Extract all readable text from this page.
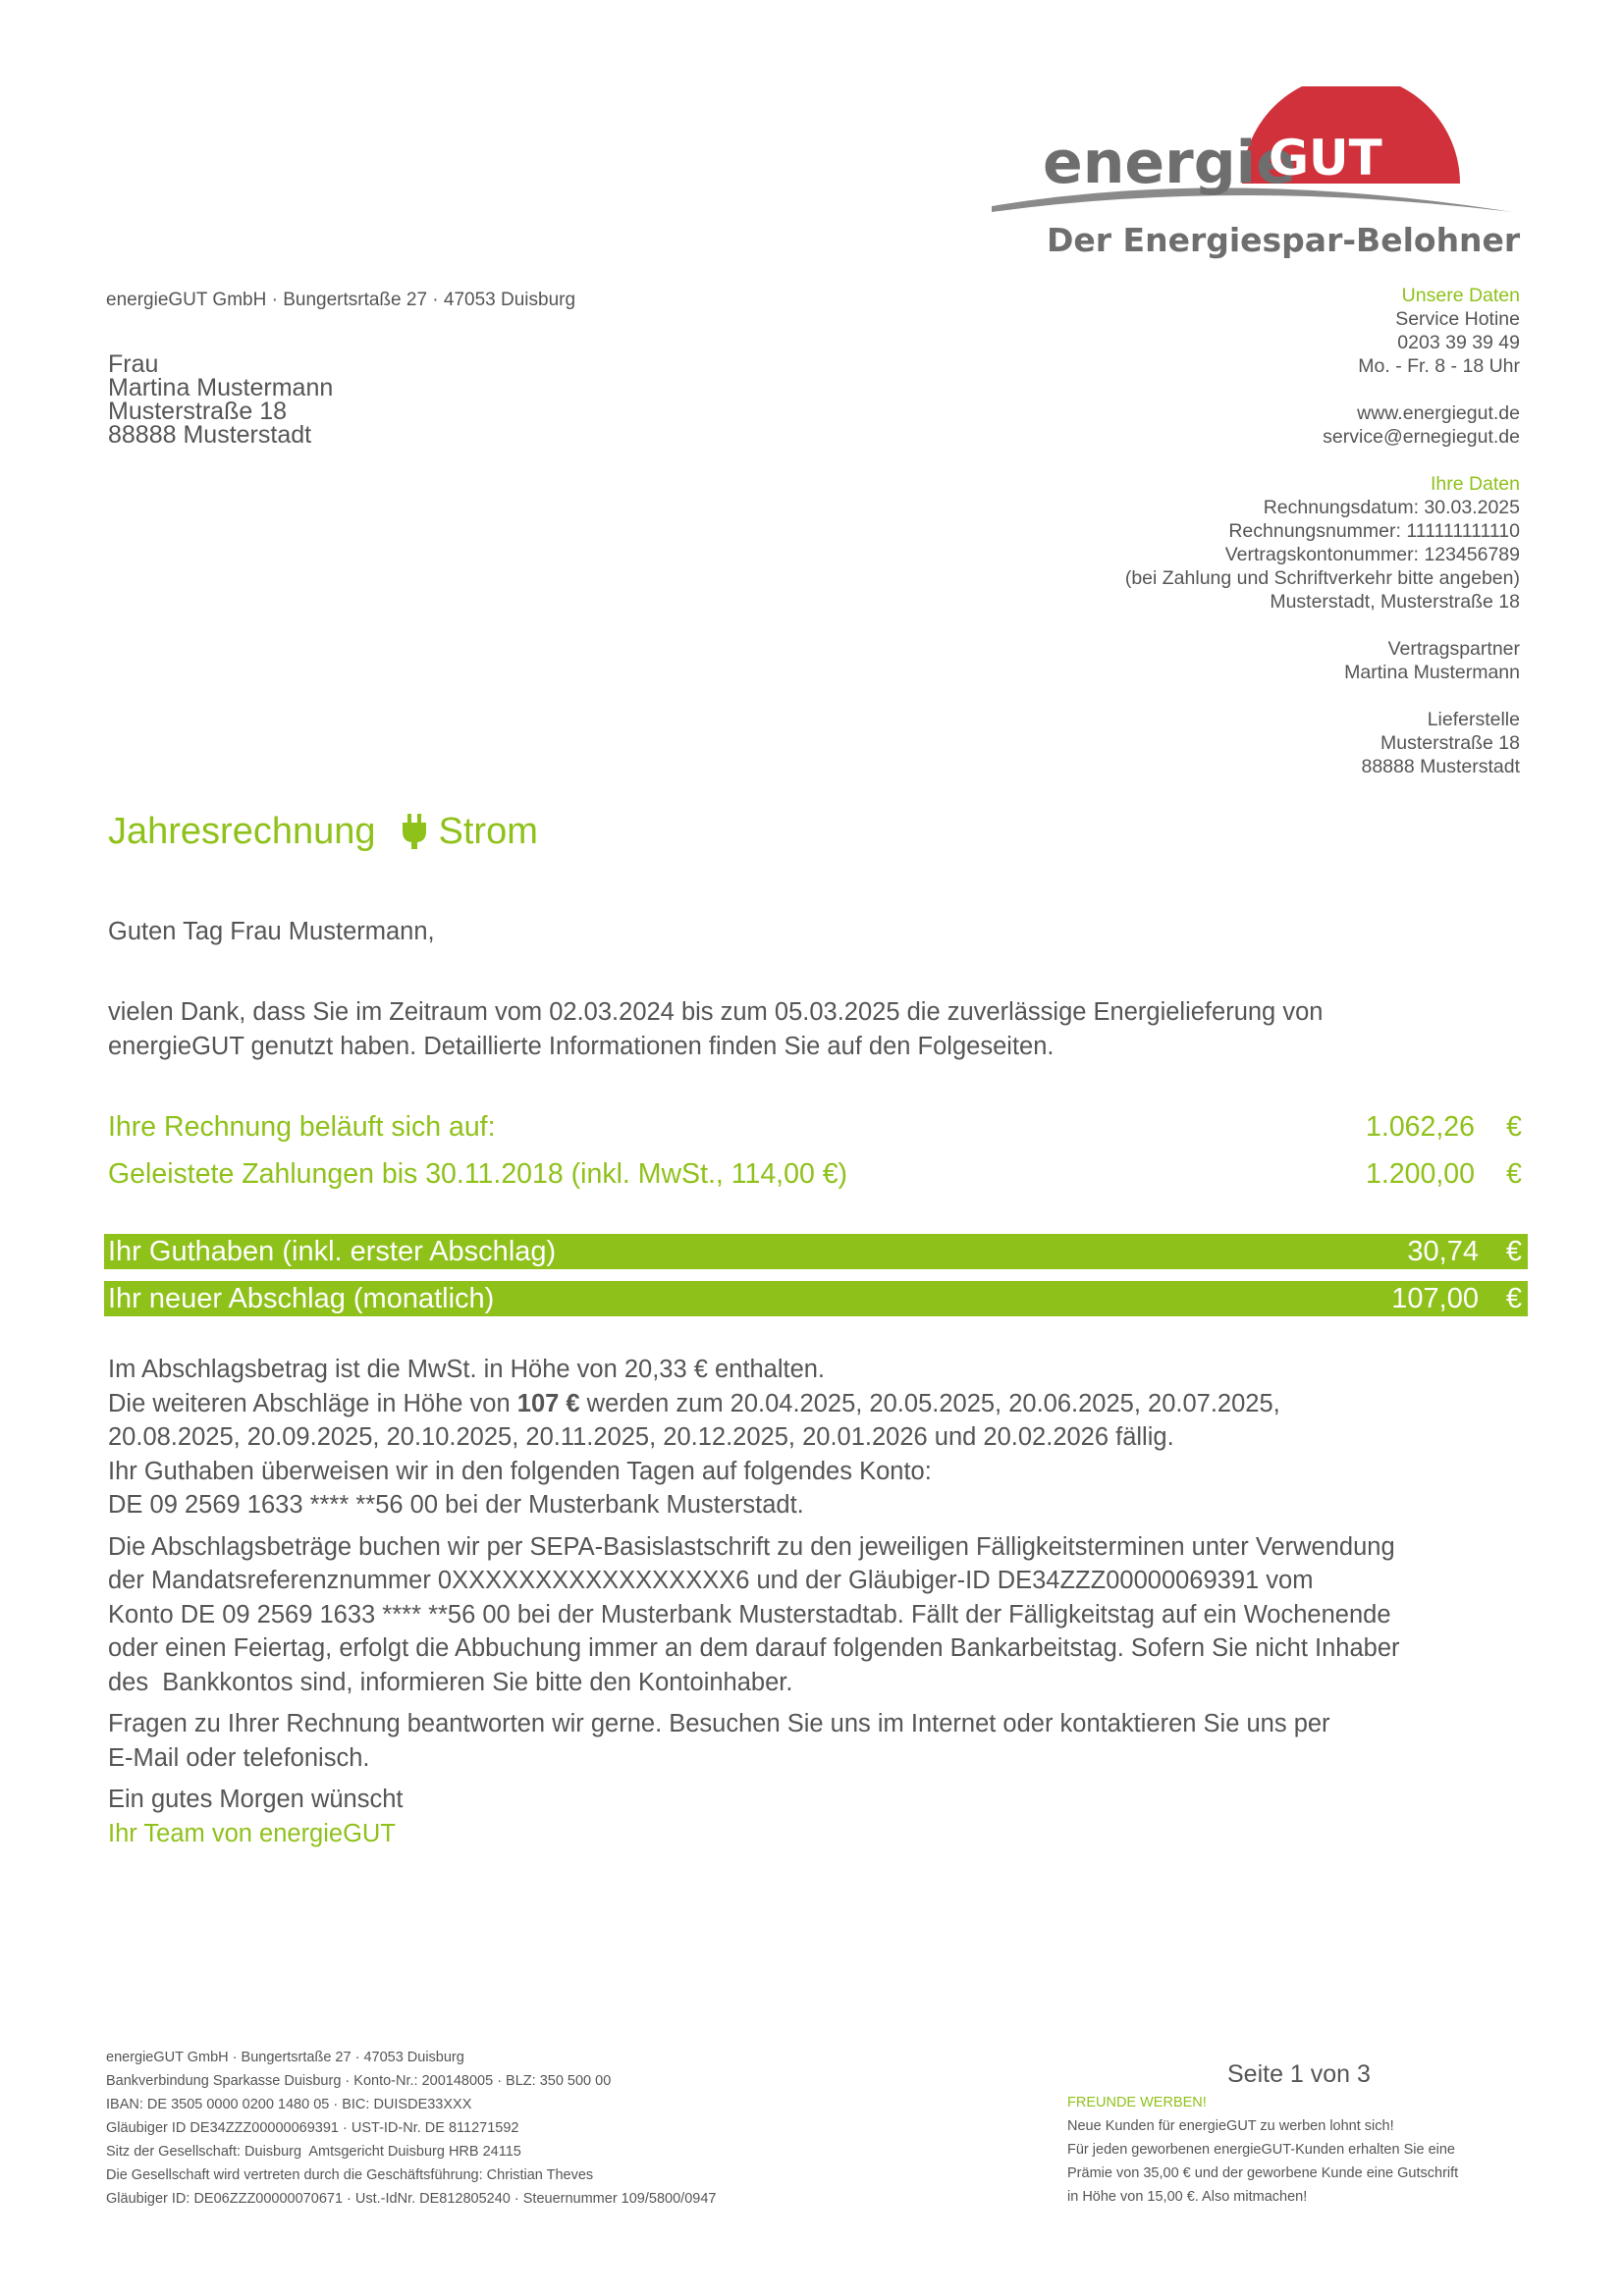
energie
GUT
Der Energiespar-Belohner
energieGUT GmbH · Bungertsrtaße 27 · 47053 Duisburg
Frau
Martina Mustermann
Musterstraße 18
88888 Musterstadt
Unsere Daten
Service Hotine
0203 39 39 49
Mo. - Fr. 8 - 18 Uhr
www.energiegut.de
service@ernegiegut.de
Ihre Daten
Rechnungsdatum: 30.03.2025
Rechnungsnummer: 111111111110
Vertragskontonummer: 123456789
(bei Zahlung und Schriftverkehr bitte angeben)
Musterstadt, Musterstraße 18
Vertragspartner
Martina Mustermann
Lieferstelle
Musterstraße 18
88888 Musterstadt
Jahresrechnung Strom
Guten Tag Frau Mustermann,
vielen Dank, dass Sie im Zeitraum vom 02.03.2024 bis zum 05.03.2025 die zuverlässige Energielieferung von
energieGUT genutzt haben. Detaillierte Informationen finden Sie auf den Folgeseiten.
Ihre Rechnung beläuft sich auf:	1.062,26	€
Geleistete Zahlungen bis 30.11.2018 (inkl. MwSt., 114,00 €)	1.200,00	€
Ihr Guthaben (inkl. erster Abschlag)	30,74 €
Ihr neuer Abschlag (monatlich)	107,00 €
Im Abschlagsbetrag ist die MwSt. in Höhe von 20,33 € enthalten.
Die weiteren Abschläge in Höhe von 107 € werden zum 20.04.2025, 20.05.2025, 20.06.2025, 20.07.2025,
20.08.2025, 20.09.2025, 20.10.2025, 20.11.2025, 20.12.2025, 20.01.2026 und 20.02.2026 fällig.
Ihr Guthaben überweisen wir in den folgenden Tagen auf folgendes Konto:

DE 09 2569 1633 **** **56 00 bei der Musterbank Musterstadt.

Die Abschlagsbeträge buchen wir per SEPA-Basislastschrift zu den jeweiligen Fälligkeitsterminen unter Verwendung
der Mandatsreferenznummer 0XXXXXXXXXXXXXXXXX6 und der Gläubiger-ID DE34ZZZ00000069391 vom
Konto DE 09 2569 1633 **** **56 00 bei der Musterbank Musterstadtab. Fällt der Fälligkeitstag auf ein Wochenende
oder einen Feiertag, erfolgt die Abbuchung immer an dem darauf folgenden Bankarbeitstag. Sofern Sie nicht Inhaber

des  Bankkontos sind, informieren Sie bitte den Kontoinhaber.

Fragen zu Ihrer Rechnung beantworten wir gerne. Besuchen Sie uns im Internet oder kontaktieren Sie uns per

E-Mail oder telefonisch.

Ein gutes Morgen wünscht
Ihr Team von energieGUT
energieGUT GmbH · Bungertsrtaße 27 · 47053 Duisburg
Bankverbindung Sparkasse Duisburg · Konto-Nr.: 200148005 · BLZ: 350 500 00
IBAN: DE 3505 0000 0200 1480 05 · BIC: DUISDE33XXX
Gläubiger ID DE34ZZZ00000069391 · UST-ID-Nr. DE 811271592
Sitz der Gesellschaft: Duisburg  Amtsgericht Duisburg HRB 24115
Die Gesellschaft wird vertreten durch die Geschäftsführung: Christian Theves
Gläubiger ID: DE06ZZZ00000070671 · Ust.-IdNr. DE812805240 · Steuernummer 109/5800/0947
Seite 1 von 3
FREUNDE WERBEN!
Neue Kunden für energieGUT zu werben lohnt sich!
Für jeden geworbenen energieGUT-Kunden erhalten Sie eine
Prämie von 35,00 € und der geworbene Kunde eine Gutschrift
in Höhe von 15,00 €. Also mitmachen!
